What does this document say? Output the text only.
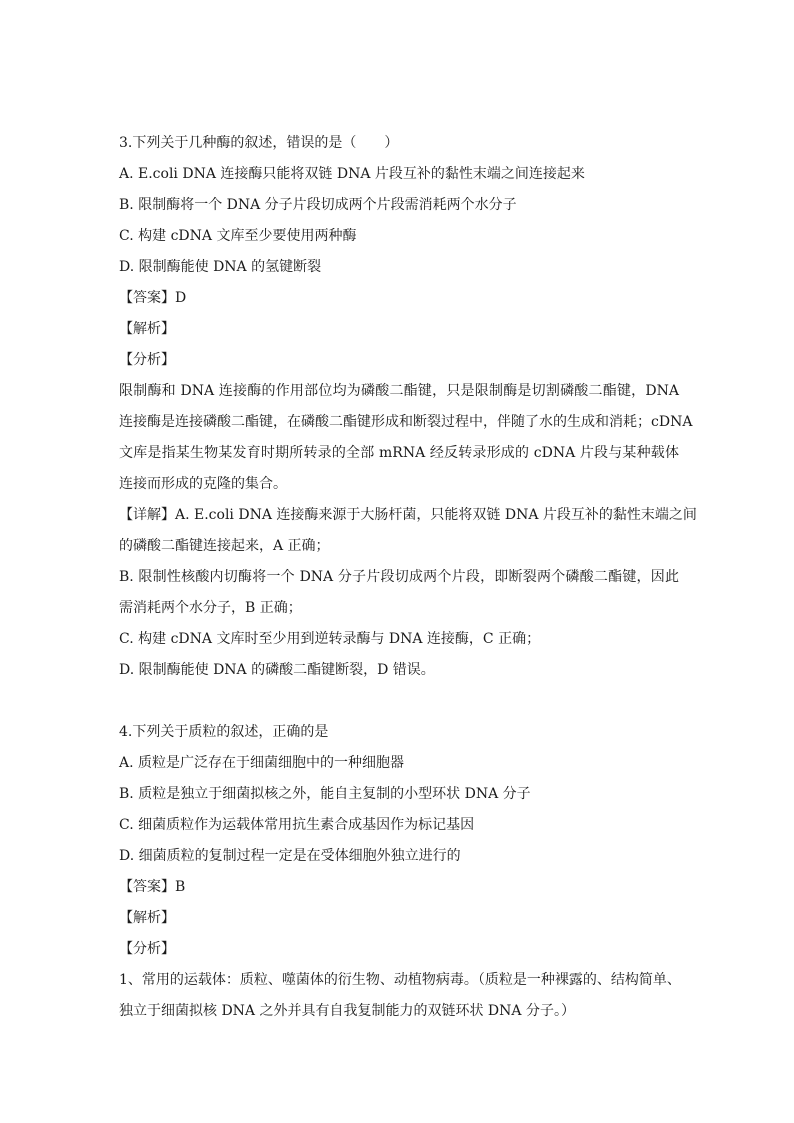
3.下列关于几种酶的叙述，错误的是（　　）
A. E.coli DNA 连接酶只能将双链 DNA 片段互补的黏性末端之间连接起来
B. 限制酶将一个 DNA 分子片段切成两个片段需消耗两个水分子
C. 构建 cDNA 文库至少要使用两种酶
D. 限制酶能使 DNA 的氢键断裂
【答案】D
【解析】
【分析】
限制酶和 DNA 连接酶的作用部位均为磷酸二酯键，只是限制酶是切割磷酸二酯键，DNA
连接酶是连接磷酸二酯键，在磷酸二酯键形成和断裂过程中，伴随了水的生成和消耗；cDNA
文库是指某生物某发育时期所转录的全部 mRNA 经反转录形成的 cDNA 片段与某种载体
连接而形成的克隆的集合。
【详解】A. E.coli DNA 连接酶来源于大肠杆菌，只能将双链 DNA 片段互补的黏性末端之间
的磷酸二酯键连接起来，A 正确；
B. 限制性核酸内切酶将一个 DNA 分子片段切成两个片段，即断裂两个磷酸二酯键，因此
需消耗两个水分子，B 正确；
C. 构建 cDNA 文库时至少用到逆转录酶与 DNA 连接酶，C 正确；
D. 限制酶能使 DNA 的磷酸二酯键断裂，D 错误。
4.下列关于质粒的叙述，正确的是
A. 质粒是广泛存在于细菌细胞中的一种细胞器
B. 质粒是独立于细菌拟核之外，能自主复制的小型环状 DNA 分子
C. 细菌质粒作为运载体常用抗生素合成基因作为标记基因
D. 细菌质粒的复制过程一定是在受体细胞外独立进行的
【答案】B
【解析】
【分析】
1、常用的运载体：质粒、噬菌体的衍生物、动植物病毒。（质粒是一种裸露的、结构简单、
独立于细菌拟核 DNA 之外并具有自我复制能力的双链环状 DNA 分子。）
